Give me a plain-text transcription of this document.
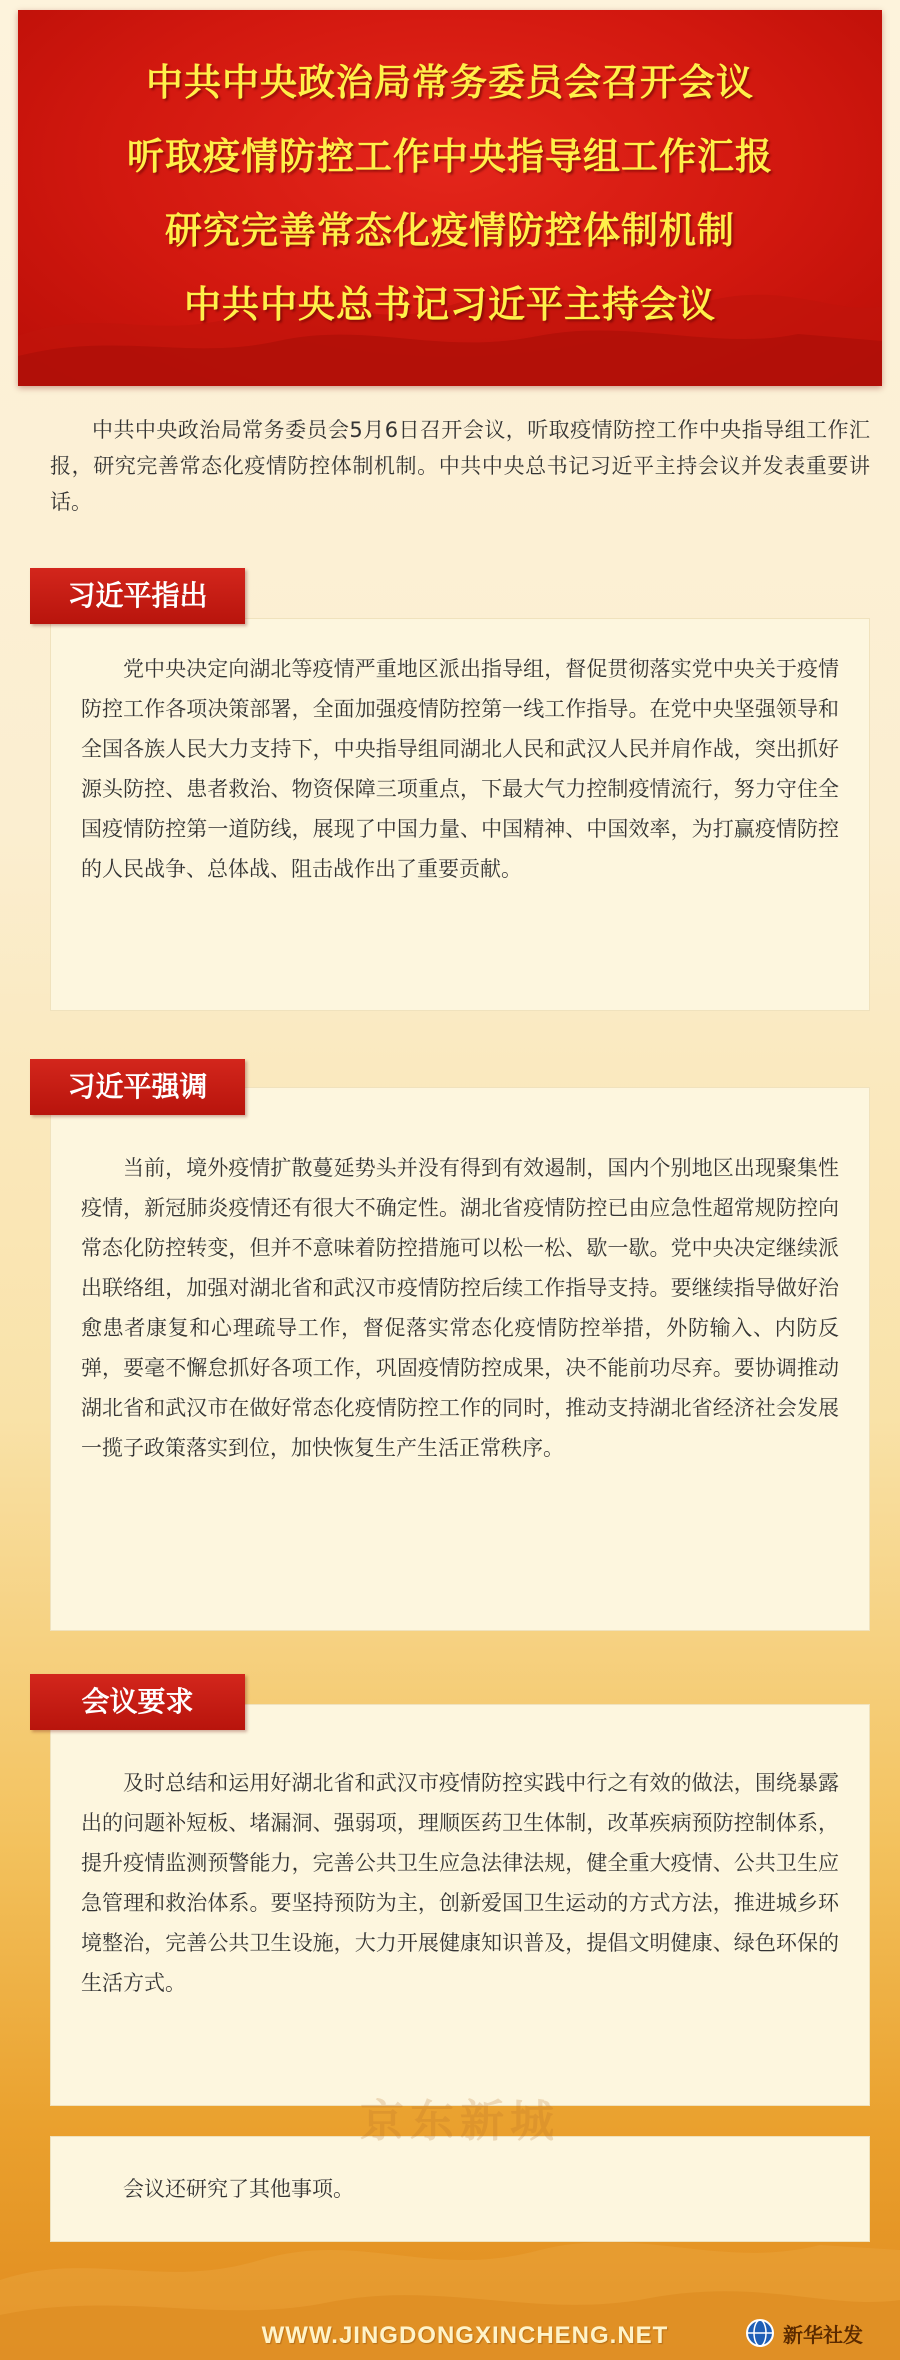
中共中央政治局常务委员会召开会议
听取疫情防控工作中央指导组工作汇报
研究完善常态化疫情防控体制机制
中共中央总书记习近平主持会议

中共中央政治局常务委员会5月6日召开会议，听取疫情防控工作中央指导组工作汇报，研究完善常态化疫情防控体制机制。中共中央总书记习近平主持会议并发表重要讲话。

党中央决定向湖北等疫情严重地区派出指导组，督促贯彻落实党中央关于疫情防控工作各项决策部署，全面加强疫情防控第一线工作指导。在党中央坚强领导和全国各族人民大力支持下，中央指导组同湖北人民和武汉人民并肩作战，突出抓好源头防控、患者救治、物资保障三项重点，下最大气力控制疫情流行，努力守住全国疫情防控第一道防线，展现了中国力量、中国精神、中国效率，为打赢疫情防控的人民战争、总体战、阻击战作出了重要贡献。

习近平指出

当前，境外疫情扩散蔓延势头并没有得到有效遏制，国内个别地区出现聚集性疫情，新冠肺炎疫情还有很大不确定性。湖北省疫情防控已由应急性超常规防控向常态化防控转变，但并不意味着防控措施可以松一松、歇一歇。党中央决定继续派出联络组，加强对湖北省和武汉市疫情防控后续工作指导支持。要继续指导做好治愈患者康复和心理疏导工作，督促落实常态化疫情防控举措，外防输入、内防反弹，要毫不懈怠抓好各项工作，巩固疫情防控成果，决不能前功尽弃。要协调推动湖北省和武汉市在做好常态化疫情防控工作的同时，推动支持湖北省经济社会发展一揽子政策落实到位，加快恢复生产生活正常秩序。

习近平强调

及时总结和运用好湖北省和武汉市疫情防控实践中行之有效的做法，围绕暴露出的问题补短板、堵漏洞、强弱项，理顺医药卫生体制，改革疾病预防控制体系，提升疫情监测预警能力，完善公共卫生应急法律法规，健全重大疫情、公共卫生应急管理和救治体系。要坚持预防为主，创新爱国卫生运动的方式方法，推进城乡环境整治，完善公共卫生设施，大力开展健康知识普及，提倡文明健康、绿色环保的生活方式。

会议要求

会议还研究了其他事项。

京东新城
WWW.JINGDONGXINCHENG.NET	新华社发
